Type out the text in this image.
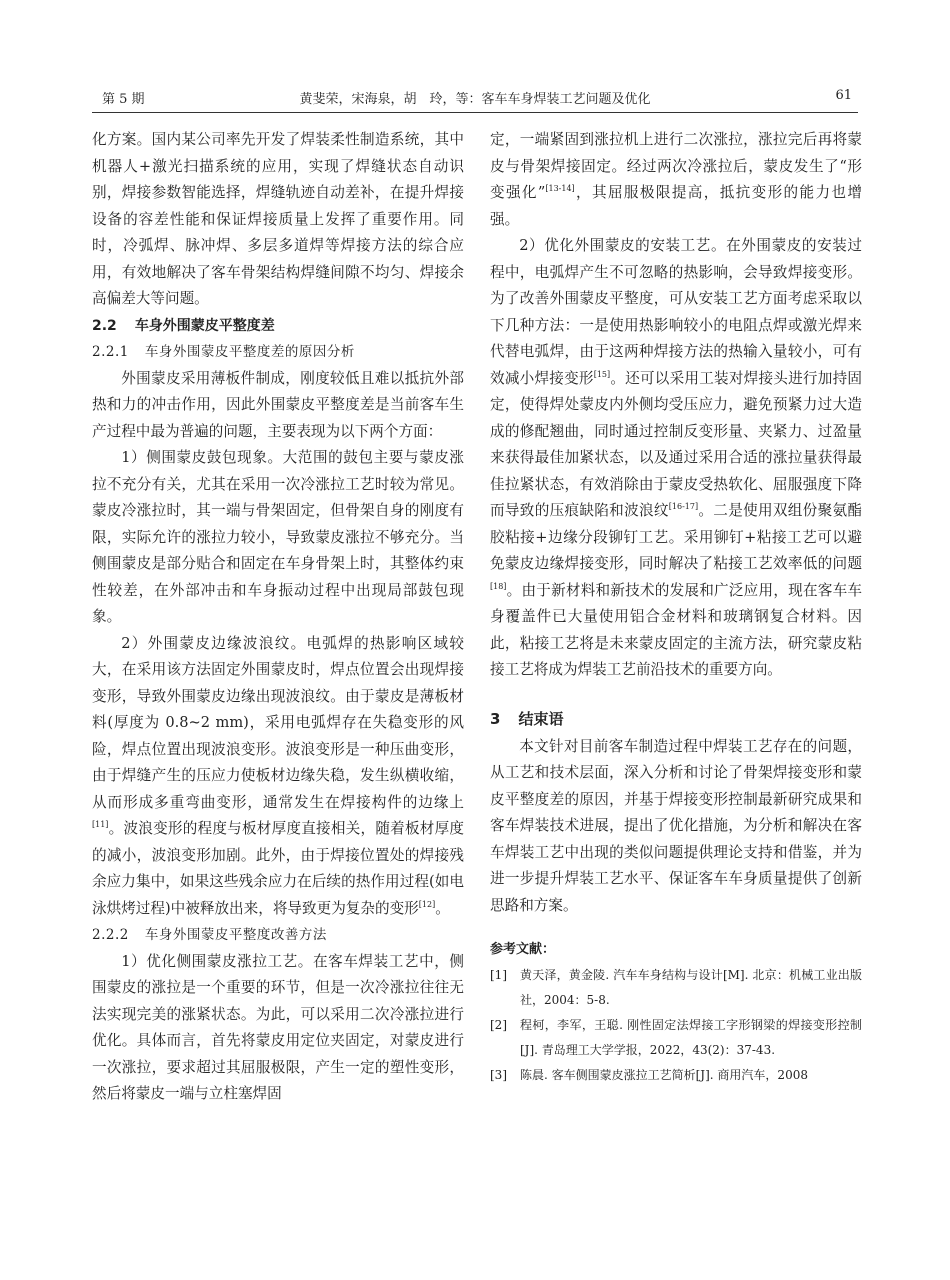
第 5 期	黄斐荣，宋海泉，胡　玲，等：客车车身焊装工艺问题及优化	61

化方案。国内某公司率先开发了焊装柔性制造系统，其中机器人+激光扫描系统的应用，实现了焊缝状态自动识别，焊接参数智能选择，焊缝轨迹自动差补，在提升焊接设备的容差性能和保证焊接质量上发挥了重要作用。同时，冷弧焊、脉冲焊、多层多道焊等焊接方法的综合应用，有效地解决了客车骨架结构焊缝间隙不均匀、焊接余高偏差大等问题。

2.2 车身外围蒙皮平整度差
2.2.1 车身外围蒙皮平整度差的原因分析

外围蒙皮采用薄板件制成，刚度较低且难以抵抗外部热和力的冲击作用，因此外围蒙皮平整度差是当前客车生产过程中最为普遍的问题，主要表现为以下两个方面：

1）侧围蒙皮鼓包现象。大范围的鼓包主要与蒙皮涨拉不充分有关，尤其在采用一次冷涨拉工艺时较为常见。蒙皮冷涨拉时，其一端与骨架固定，但骨架自身的刚度有限，实际允许的涨拉力较小，导致蒙皮涨拉不够充分。当侧围蒙皮是部分贴合和固定在车身骨架上时，其整体约束性较差，在外部冲击和车身振动过程中出现局部鼓包现象。

2）外围蒙皮边缘波浪纹。电弧焊的热影响区域较大，在采用该方法固定外围蒙皮时，焊点位置会出现焊接变形，导致外围蒙皮边缘出现波浪纹。由于蒙皮是薄板材料(厚度为 0.8~2 mm)，采用电弧焊存在失稳变形的风险，焊点位置出现波浪变形。波浪变形是一种压曲变形，由于焊缝产生的压应力使板材边缘失稳，发生纵横收缩，从而形成多重弯曲变形，通常发生在焊接构件的边缘上[11]。波浪变形的程度与板材厚度直接相关，随着板材厚度的减小，波浪变形加剧。此外，由于焊接位置处的焊接残余应力集中，如果这些残余应力在后续的热作用过程(如电泳烘烤过程)中被释放出来，将导致更为复杂的变形[12]。

2.2.2 车身外围蒙皮平整度改善方法

1）优化侧围蒙皮涨拉工艺。在客车焊装工艺中，侧围蒙皮的涨拉是一个重要的环节，但是一次冷涨拉往往无法实现完美的涨紧状态。为此，可以采用二次冷涨拉进行优化。具体而言，首先将蒙皮用定位夹固定，对蒙皮进行一次涨拉，要求超过其屈服极限，产生一定的塑性变形，然后将蒙皮一端与立柱塞焊固

定，一端紧固到涨拉机上进行二次涨拉，涨拉完后再将蒙皮与骨架焊接固定。经过两次冷涨拉后，蒙皮发生了“形变强化”[13-14]，其屈服极限提高，抵抗变形的能力也增强。

2）优化外围蒙皮的安装工艺。在外围蒙皮的安装过程中，电弧焊产生不可忽略的热影响，会导致焊接变形。为了改善外围蒙皮平整度，可从安装工艺方面考虑采取以下几种方法：一是使用热影响较小的电阻点焊或激光焊来代替电弧焊，由于这两种焊接方法的热输入量较小，可有效减小焊接变形[15]。还可以采用工装对焊接头进行加持固定，使得焊处蒙皮内外侧均受压应力，避免预紧力过大造成的修配翘曲，同时通过控制反变形量、夹紧力、过盈量来获得最佳加紧状态，以及通过采用合适的涨拉量获得最佳拉紧状态，有效消除由于蒙皮受热软化、屈服强度下降而导致的压痕缺陷和波浪纹[16-17]。二是使用双组份聚氨酯胶粘接+边缘分段铆钉工艺。采用铆钉+粘接工艺可以避免蒙皮边缘焊接变形，同时解决了粘接工艺效率低的问题[18]。由于新材料和新技术的发展和广泛应用，现在客车车身覆盖件已大量使用铝合金材料和玻璃钢复合材料。因此，粘接工艺将是未来蒙皮固定的主流方法，研究蒙皮粘接工艺将成为焊装工艺前沿技术的重要方向。

3 结束语

本文针对目前客车制造过程中焊装工艺存在的问题，从工艺和技术层面，深入分析和讨论了骨架焊接变形和蒙皮平整度差的原因，并基于焊接变形控制最新研究成果和客车焊装技术进展，提出了优化措施，为分析和解决在客车焊装工艺中出现的类似问题提供理论支持和借鉴，并为进一步提升焊装工艺水平、保证客车车身质量提供了创新思路和方案。

参考文献：
[1]	黄天泽，黄金陵. 汽车车身结构与设计[M]. 北京：机械工业出版社，2004：5-8.
[2]	程柯，李军，王聪. 刚性固定法焊接工字形钢梁的焊接变形控制[J]. 青岛理工大学学报，2022，43(2)：37-43.
[3]	陈晨. 客车侧围蒙皮涨拉工艺简析[J]. 商用汽车，2008
